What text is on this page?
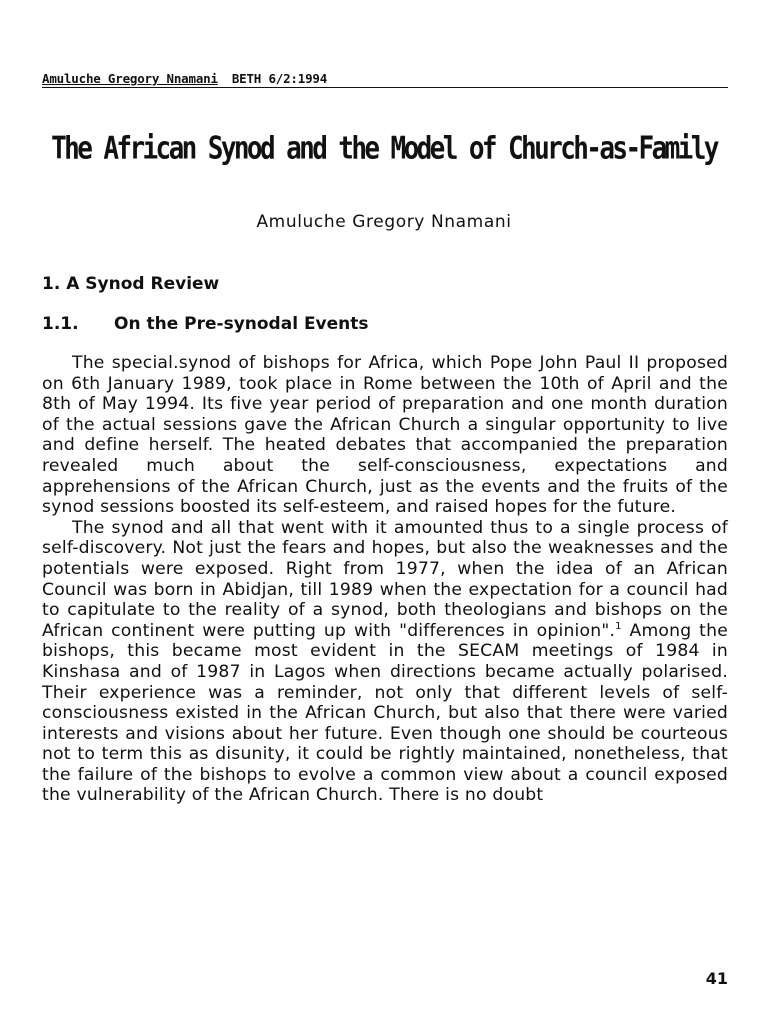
Amuluche Gregory Nnamani BETH 6/2:1994
The African Synod and the Model of Church-as-Family
Amuluche Gregory Nnamani
1. A Synod Review
1.1. On the Pre-synodal Events

The special.synod of bishops for Africa, which Pope John Paul II proposed on 6th January 1989, took place in Rome between the 10th of April and the 8th of May 1994. Its five year period of preparation and one month duration of the actual sessions gave the African Church a singular opportunity to live and define herself. The heated debates that accompanied the preparation revealed much about the self-consciousness, expectations and apprehensions of the African Church, just as the events and the fruits of the synod sessions boosted its self-esteem, and raised hopes for the future.

The synod and all that went with it amounted thus to a single process of self-discovery. Not just the fears and hopes, but also the weaknesses and the potentials were exposed. Right from 1977, when the idea of an African Council was born in Abidjan, till 1989 when the expectation for a council had to capitulate to the reality of a synod, both theologians and bishops on the African continent were putting up with "differences in opinion".$^1$ Among the bishops, this became most evident in the SECAM meetings of 1984 in Kinshasa and of 1987 in Lagos when directions became actually polarised. Their experience was a reminder, not only that different levels of self-consciousness existed in the African Church, but also that there were varied interests and visions about her future. Even though one should be courteous not to term this as disunity, it could be rightly maintained, nonetheless, that the failure of the bishops to evolve a common view about a council exposed the vulnerability of the African Church. There is no doubt

41
